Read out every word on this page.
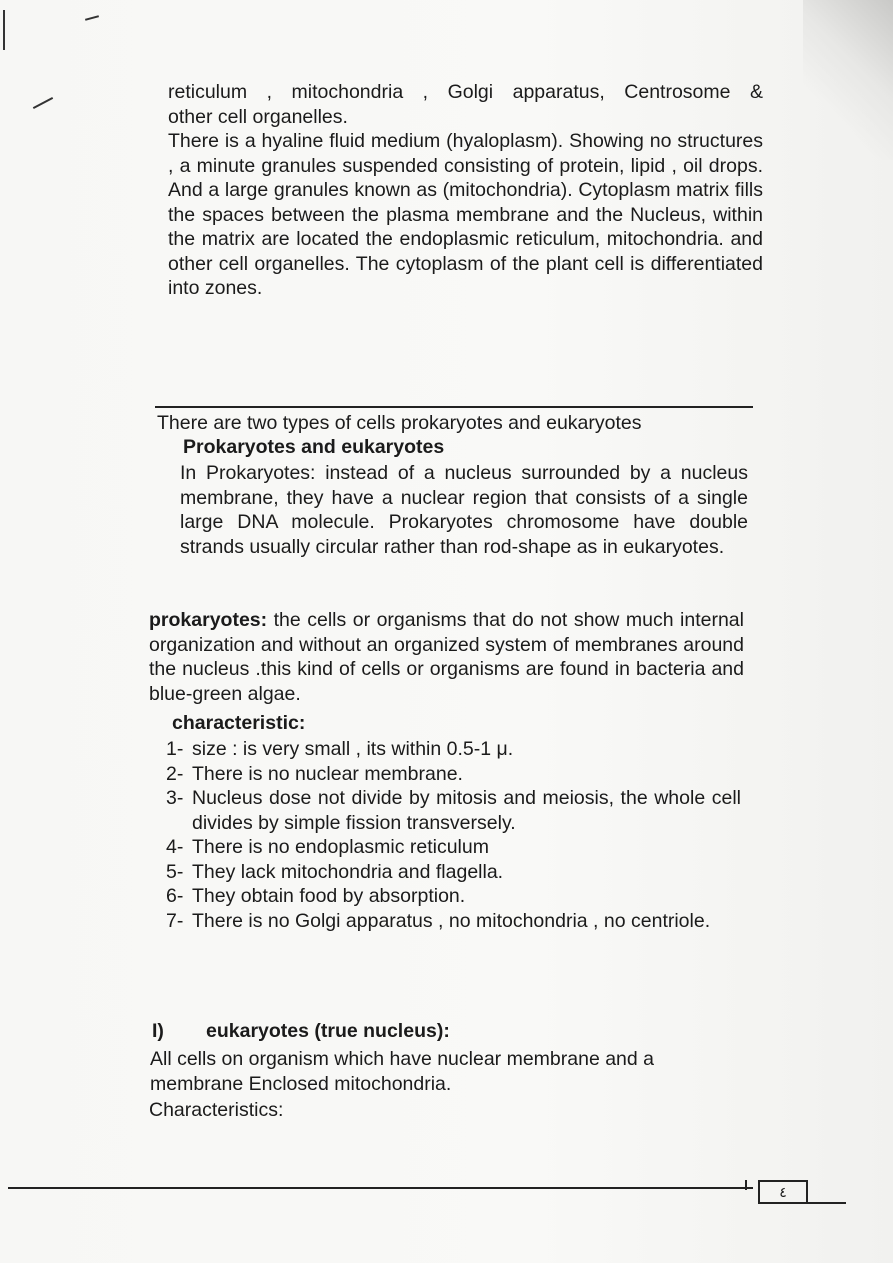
reticulum , mitochondria , Golgi apparatus, Centrosome &
other cell organelles.
There is a hyaline fluid medium (hyaloplasm). Showing no structures , a minute granules suspended consisting of protein, lipid , oil drops. And a large granules known as (mitochondria). Cytoplasm matrix fills the spaces between the plasma membrane and the Nucleus, within the matrix are located the endoplasmic reticulum, mitochondria. and other cell organelles. The cytoplasm of the plant cell is differentiated into zones.
There are two types of cells prokaryotes and eukaryotes
Prokaryotes and eukaryotes
In Prokaryotes: instead of a nucleus surrounded by a nucleus membrane, they have a nuclear region that consists of a single large DNA molecule. Prokaryotes chromosome have double strands usually circular rather than rod-shape as in eukaryotes.
prokaryotes: the cells or organisms that do not show much internal organization and without an organized system of membranes around the nucleus .this kind of cells or organisms are found in bacteria and blue-green algae.
characteristic:
1- size : is very small , its within 0.5-1 μ.
2- There is no nuclear membrane.
3- Nucleus dose not divide by mitosis and meiosis, the whole cell divides by simple fission transversely.
4- There is no endoplasmic reticulum
5- They lack mitochondria and flagella.
6- They obtain food by absorption.
7- There is no Golgi apparatus , no mitochondria , no centriole.
I) eukaryotes (true nucleus):
All cells on organism which have nuclear membrane and a membrane Enclosed mitochondria.
Characteristics:
٤
